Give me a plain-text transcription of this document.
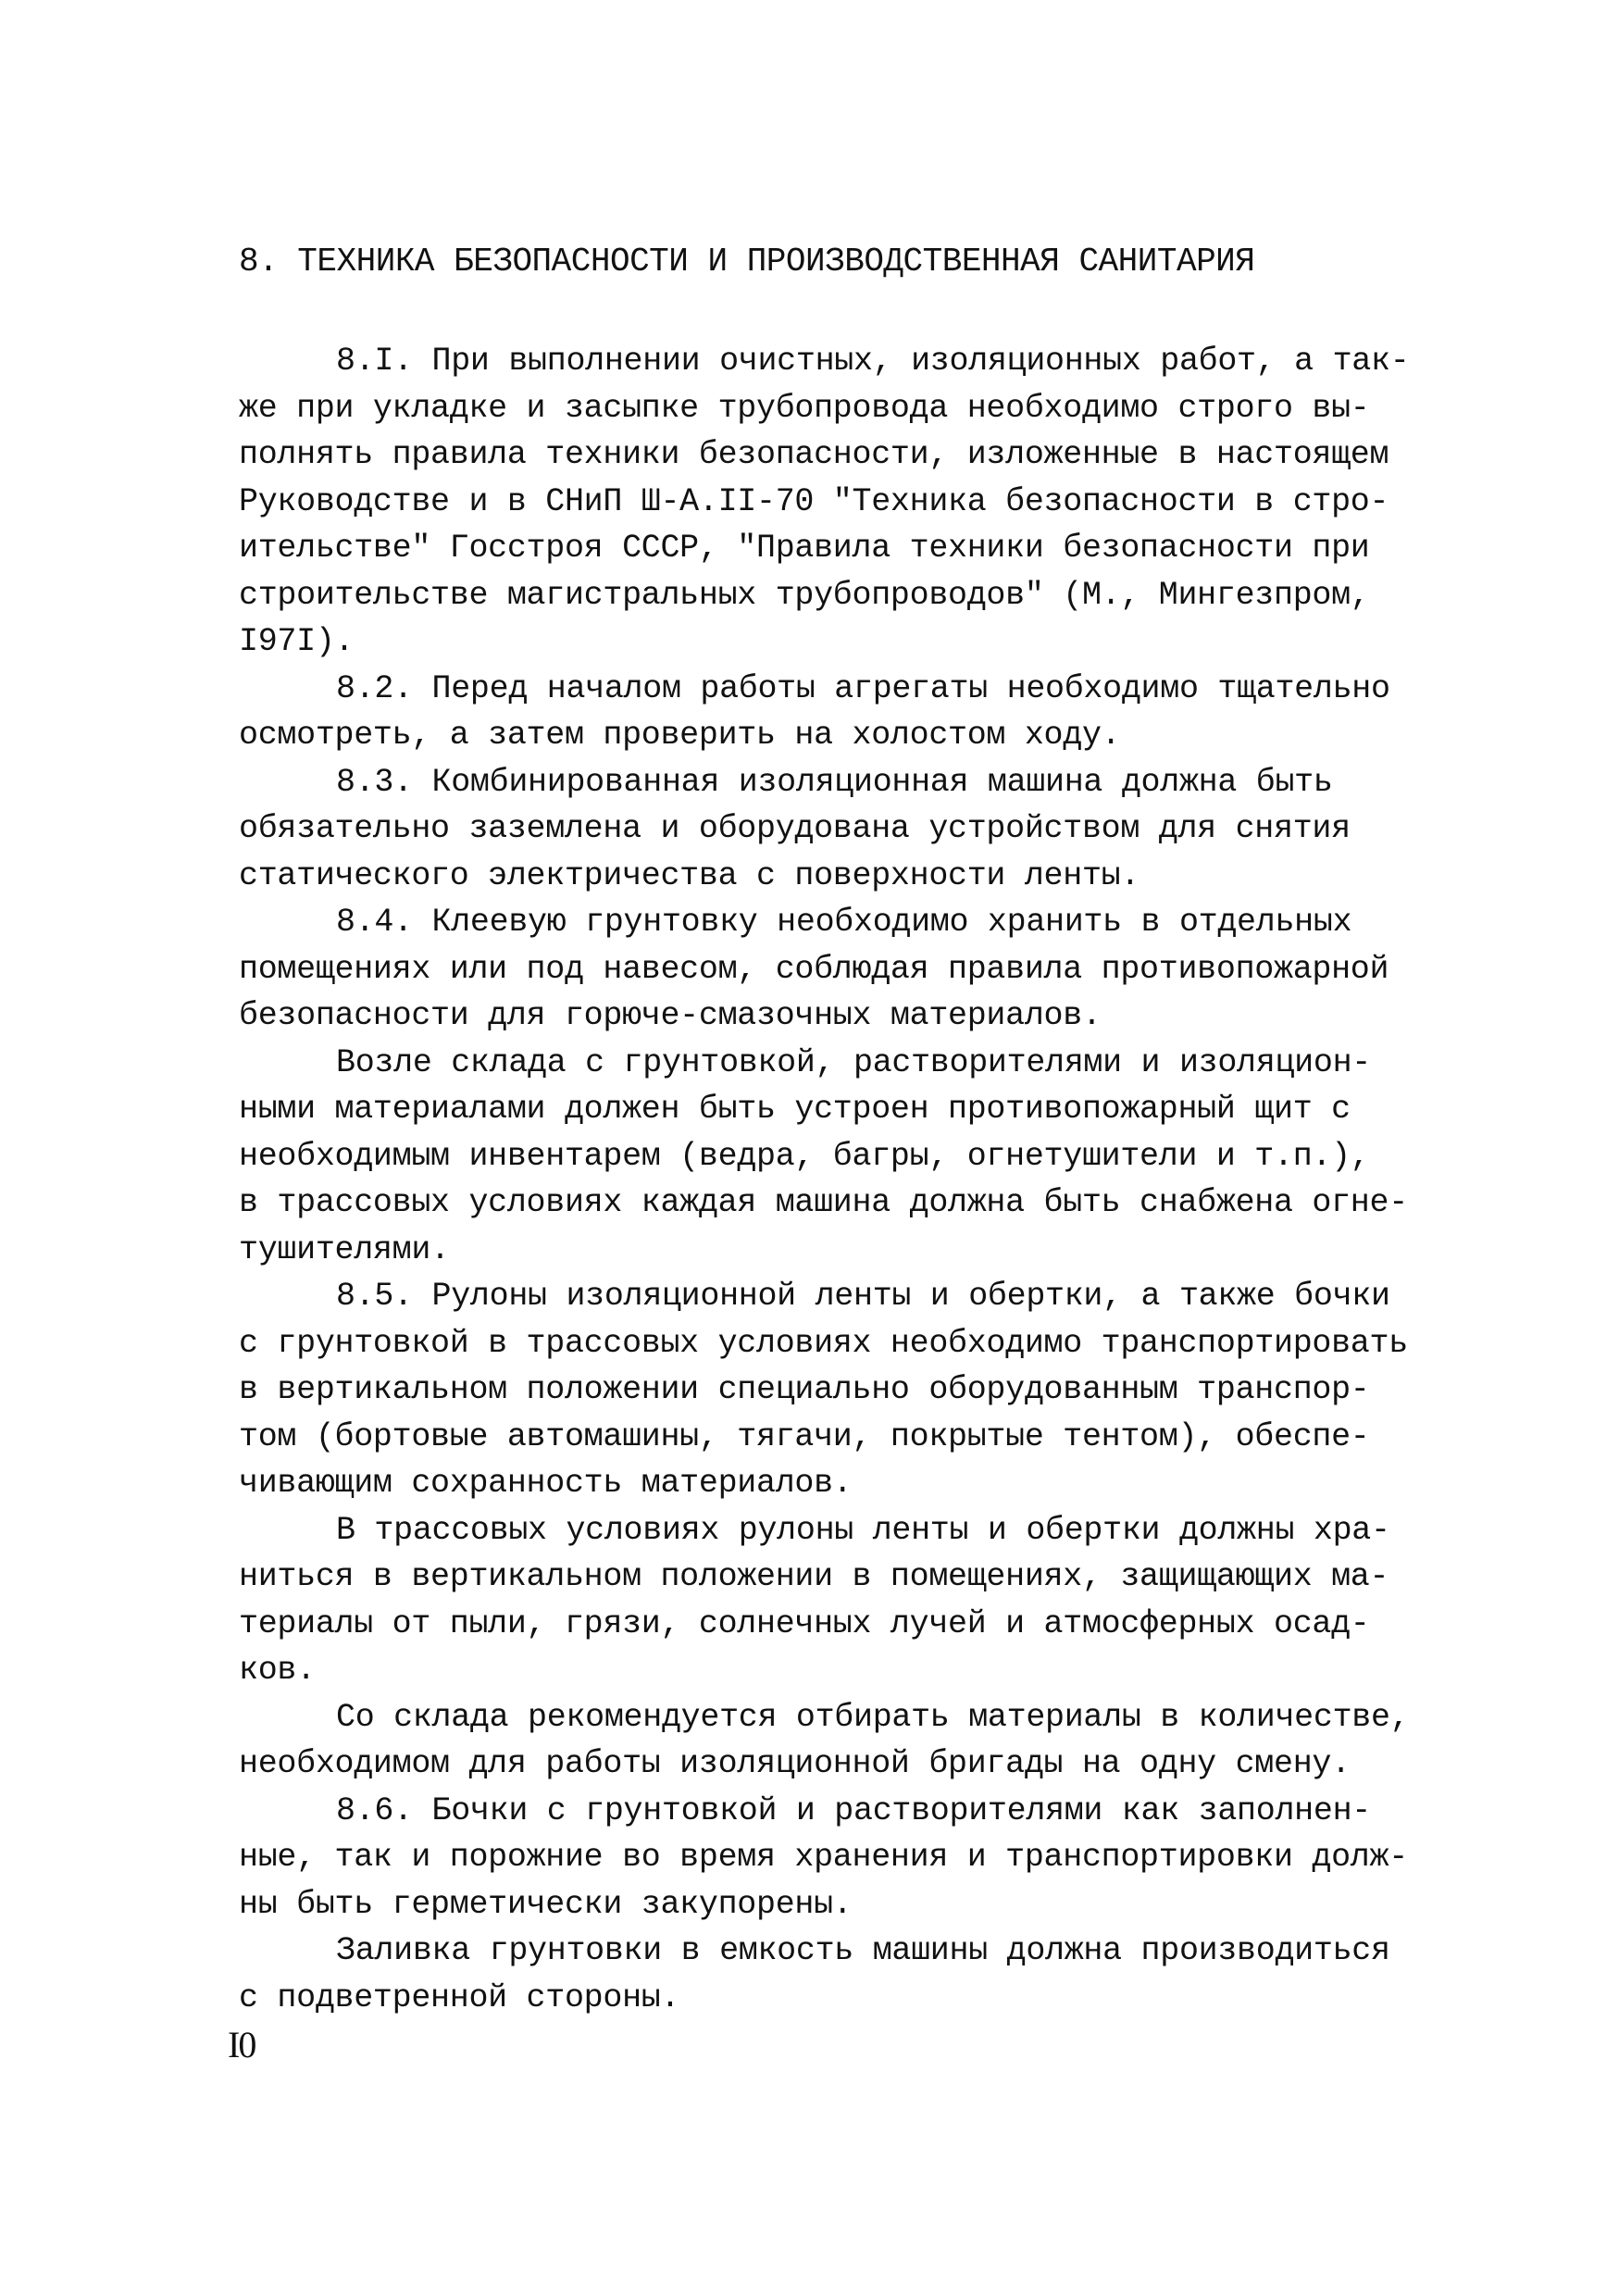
8. ТЕХНИКА БЕЗОПАСНОСТИ И ПРОИЗВОДСТВЕННАЯ САНИТАРИЯ
8.I. При выполнении очистных, изоляционных работ, а так-
же при укладке и засыпке трубопровода необходимо строго вы-
полнять правила техники безопасности, изложенные в настоящем
Руководстве и в СНиП Ш-А.II-70 "Техника безопасности в стро-
ительстве" Госстроя СССР, "Правила техники безопасности при
строительстве магистральных трубопроводов" (М., Мингезпром,
I97I).
8.2. Перед началом работы агрегаты необходимо тщательно
осмотреть, а затем проверить на холостом ходу.
8.3. Комбинированная изоляционная машина должна быть
обязательно заземлена и оборудована устройством для снятия
статического электричества с поверхности ленты.
8.4. Клеевую грунтовку необходимо хранить в отдельных
помещениях или под навесом, соблюдая правила противопожарной
безопасности для горюче-смазочных материалов.
Возле склада с грунтовкой, растворителями и изоляцион-
ными материалами должен быть устроен противопожарный щит с
необходимым инвентарем (ведра, багры, огнетушители и т.п.),
в трассовых условиях каждая машина должна быть снабжена огне-
тушителями.
8.5. Рулоны изоляционной ленты и обертки, а также бочки
с грунтовкой в трассовых условиях необходимо транспортировать
в вертикальном положении специально оборудованным транспор-
том (бортовые автомашины, тягачи, покрытые тентом), обеспе-
чивающим сохранность материалов.
В трассовых условиях рулоны ленты и обертки должны хра-
ниться в вертикальном положении в помещениях, защищающих ма-
териалы от пыли, грязи, солнечных лучей и атмосферных осад-
ков.
Со склада рекомендуется отбирать материалы в количестве,
необходимом для работы изоляционной бригады на одну смену.
8.6. Бочки с грунтовкой и растворителями как заполнен-
ные, так и порожние во время хранения и транспортировки долж-
ны быть герметически закупорены.
Заливка грунтовки в емкость машины должна производиться
с подветренной стороны.
I0
